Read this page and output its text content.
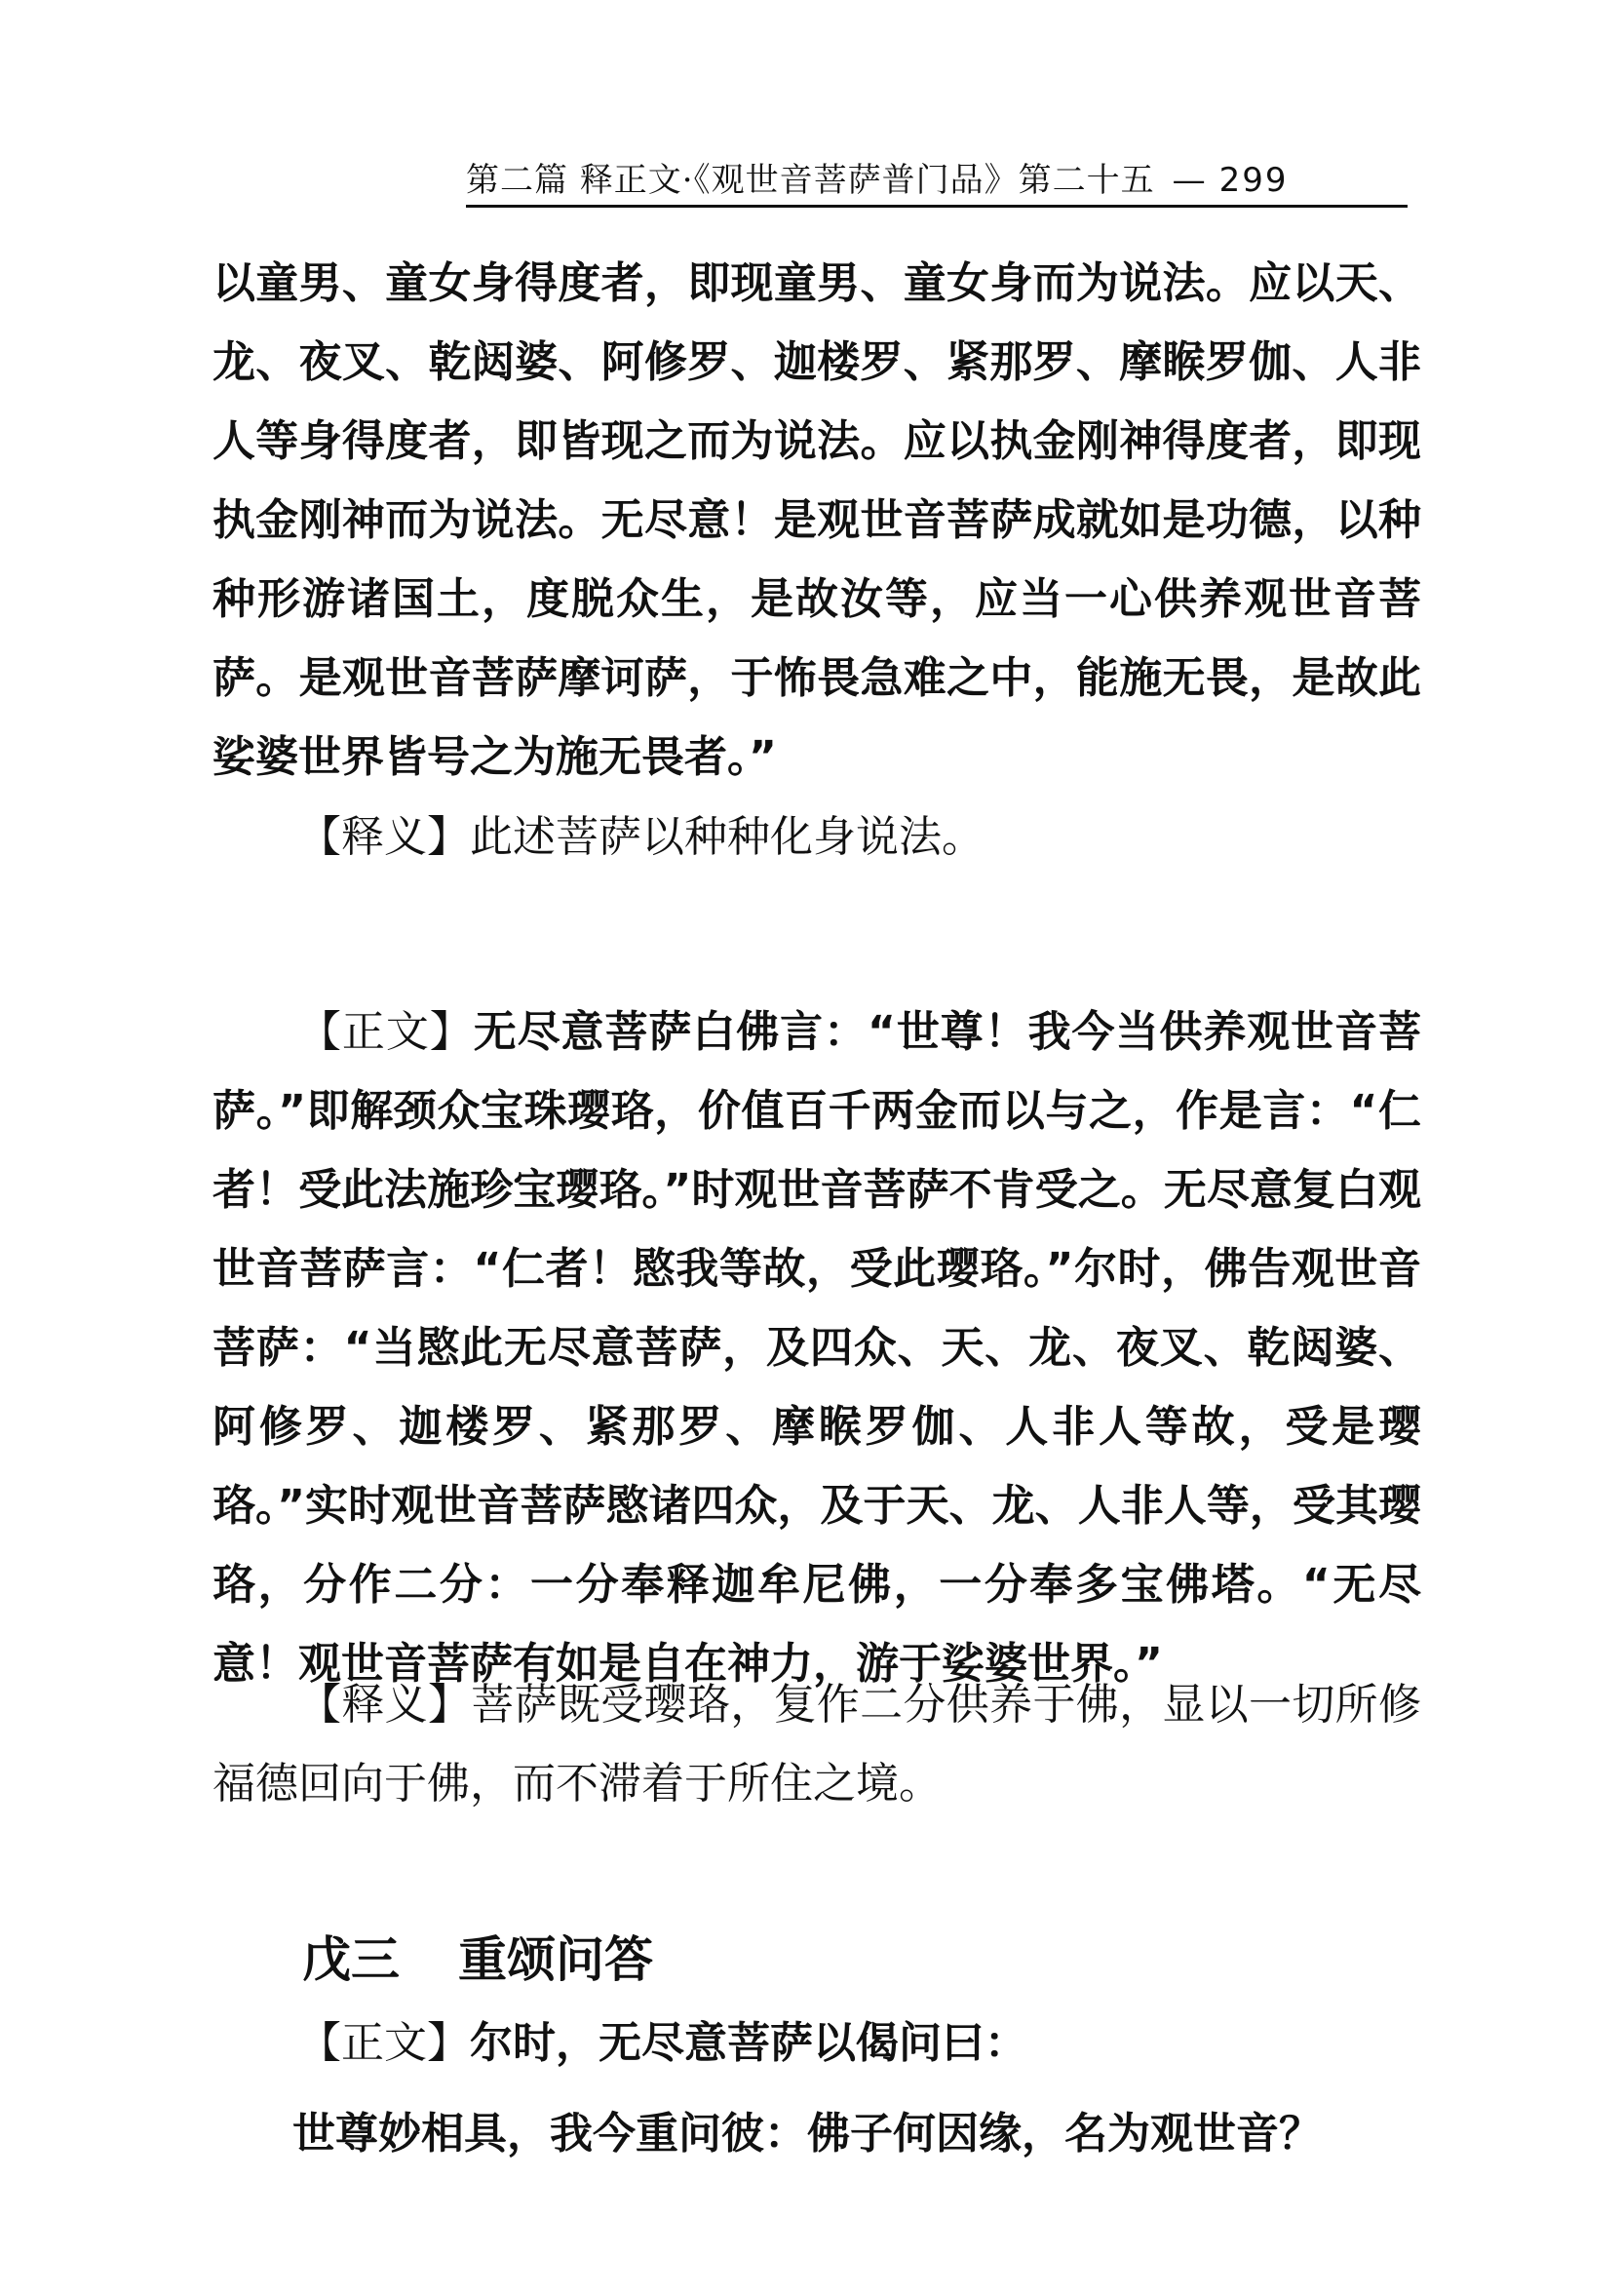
第二篇 释正文·《观世音菩萨普门品》第二十五 — 299

以童男、童女身得度者，即现童男、童女身而为说法。应以天、龙、夜叉、乾闼婆、阿修罗、迦楼罗、紧那罗、摩睺罗伽、人非人等身得度者，即皆现之而为说法。应以执金刚神得度者，即现执金刚神而为说法。无尽意！是观世音菩萨成就如是功德，以种种形游诸国土，度脱众生，是故汝等，应当一心供养观世音菩萨。是观世音菩萨摩诃萨，于怖畏急难之中，能施无畏，是故此娑婆世界皆号之为施无畏者。”

【释义】此述菩萨以种种化身说法。

【正文】无尽意菩萨白佛言：“世尊！我今当供养观世音菩萨。”即解颈众宝珠璎珞，价值百千两金而以与之，作是言：“仁者！受此法施珍宝璎珞。”时观世音菩萨不肯受之。无尽意复白观世音菩萨言：“仁者！愍我等故，受此璎珞。”尔时，佛告观世音菩萨：“当愍此无尽意菩萨，及四众、天、龙、夜叉、乾闼婆、阿修罗、迦楼罗、紧那罗、摩睺罗伽、人非人等故，受是璎珞。”实时观世音菩萨愍诸四众，及于天、龙、人非人等，受其璎珞，分作二分：一分奉释迦牟尼佛，一分奉多宝佛塔。“无尽意！观世音菩萨有如是自在神力，游于娑婆世界。”

【释义】菩萨既受璎珞，复作二分供养于佛，显以一切所修福德回向于佛，而不滞着于所住之境。

戊三 重颂问答

【正文】尔时，无尽意菩萨以偈问曰：

世尊妙相具，我今重问彼：佛子何因缘，名为观世音？
